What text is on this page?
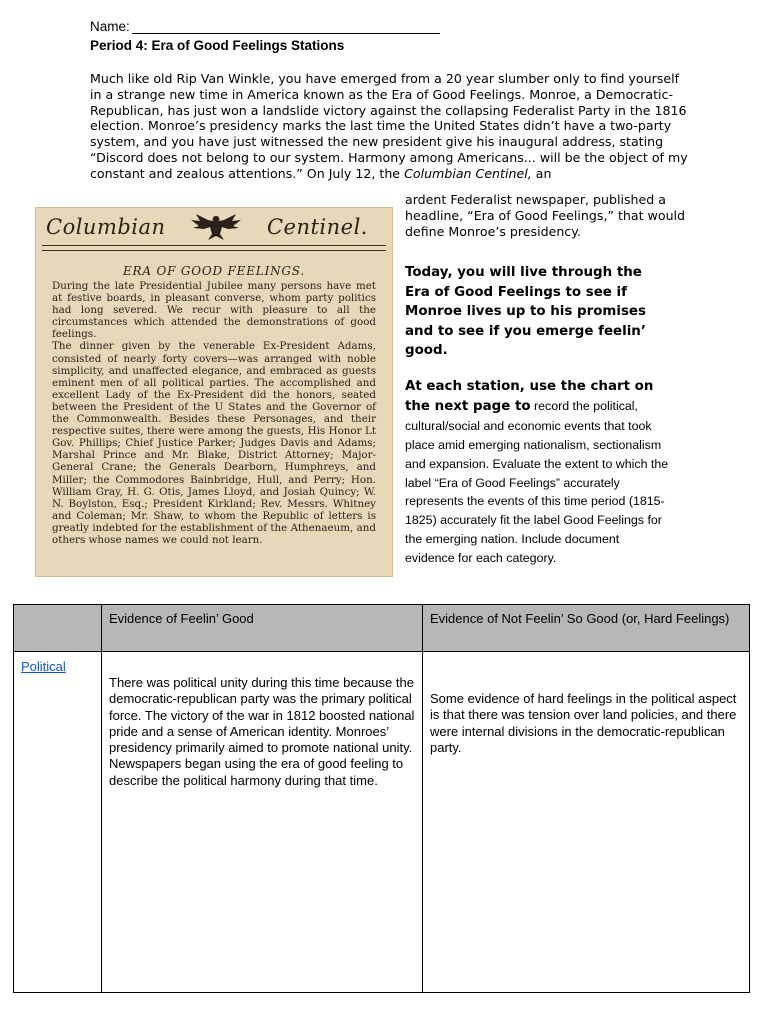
Name:
Period 4: Era of Good Feelings Stations

Much like old Rip Van Winkle, you have emerged from a 20 year slumber only to find yourself in a strange new time in America known as the Era of Good Feelings. Monroe, a Democratic-Republican, has just won a landslide victory against the collapsing Federalist Party in the 1816 election. Monroe’s presidency marks the last time the United States didn’t have a two-party system, and you have just witnessed the new president give his inaugural address, stating “Discord does not belong to our system. Harmony among Americans... will be the object of my constant and zealous attentions.” On July 12, the Columbian Centinel, an

ardent Federalist newspaper, published a headline, “Era of Good Feelings,” that would define Monroe’s presidency.

Columbian	Centinel.
ERA OF GOOD FEELINGS.

During the late Presidential Jubilee many persons have met at festive boards, in pleasant converse, whom party politics had long severed. We recur with pleasure to all the circumstances which attended the demonstrations of good feelings.
The dinner given by the venerable Ex-President Adams, consisted of nearly forty covers—was arranged with noble simplicity, and unaffected elegance, and embraced as guests eminent men of all political parties. The accomplished and excellent Lady of the Ex-President did the honors, seated between the President of the U States and the Governor of the Commonwealth. Besides these Personages, and their respective suites, there were among the guests, His Honor Lt Gov. Phillips; Chief Justice Parker; Judges Davis and Adams; Marshal Prince and Mr. Blake, District Attorney; Major-General Crane; the Generals Dearborn, Humphreys, and Miller; the Commodores Bainbridge, Hull, and Perry; Hon. William Gray, H. G. Otis, James Lloyd, and Josiah Quincy; W. N. Boylston, Esq.; President Kirkland; Rev. Messrs. Whitney and Coleman; Mr. Shaw, to whom the Republic of letters is greatly indebted for the establishment of the Athenaeum, and others whose names we could not learn.

Today, you will live through the Era of Good Feelings to see if Monroe lives up to his promises and to see if you emerge feelin’ good.

At each station, use the chart on the next page to record the political, cultural/social and economic events that took place amid emerging nationalism, sectionalism and expansion. Evaluate the extent to which the label “Era of Good Feelings” accurately represents the events of this time period (1815-1825) accurately fit the label Good Feelings for the emerging nation. Include document evidence for each category.

	Evidence of Feelin’ Good	Evidence of Not Feelin’ So Good (or, Hard Feelings)

Political	There was political unity during this time because the democratic-republican party was the primary political force. The victory of the war in 1812 boosted national pride and a sense of American identity. Monroes’ presidency primarily aimed to promote national unity. Newspapers began using the era of good feeling to describe the political harmony during that time.	Some evidence of hard feelings in the political aspect is that there was tension over land policies, and there were internal divisions in the democratic-republican party.
